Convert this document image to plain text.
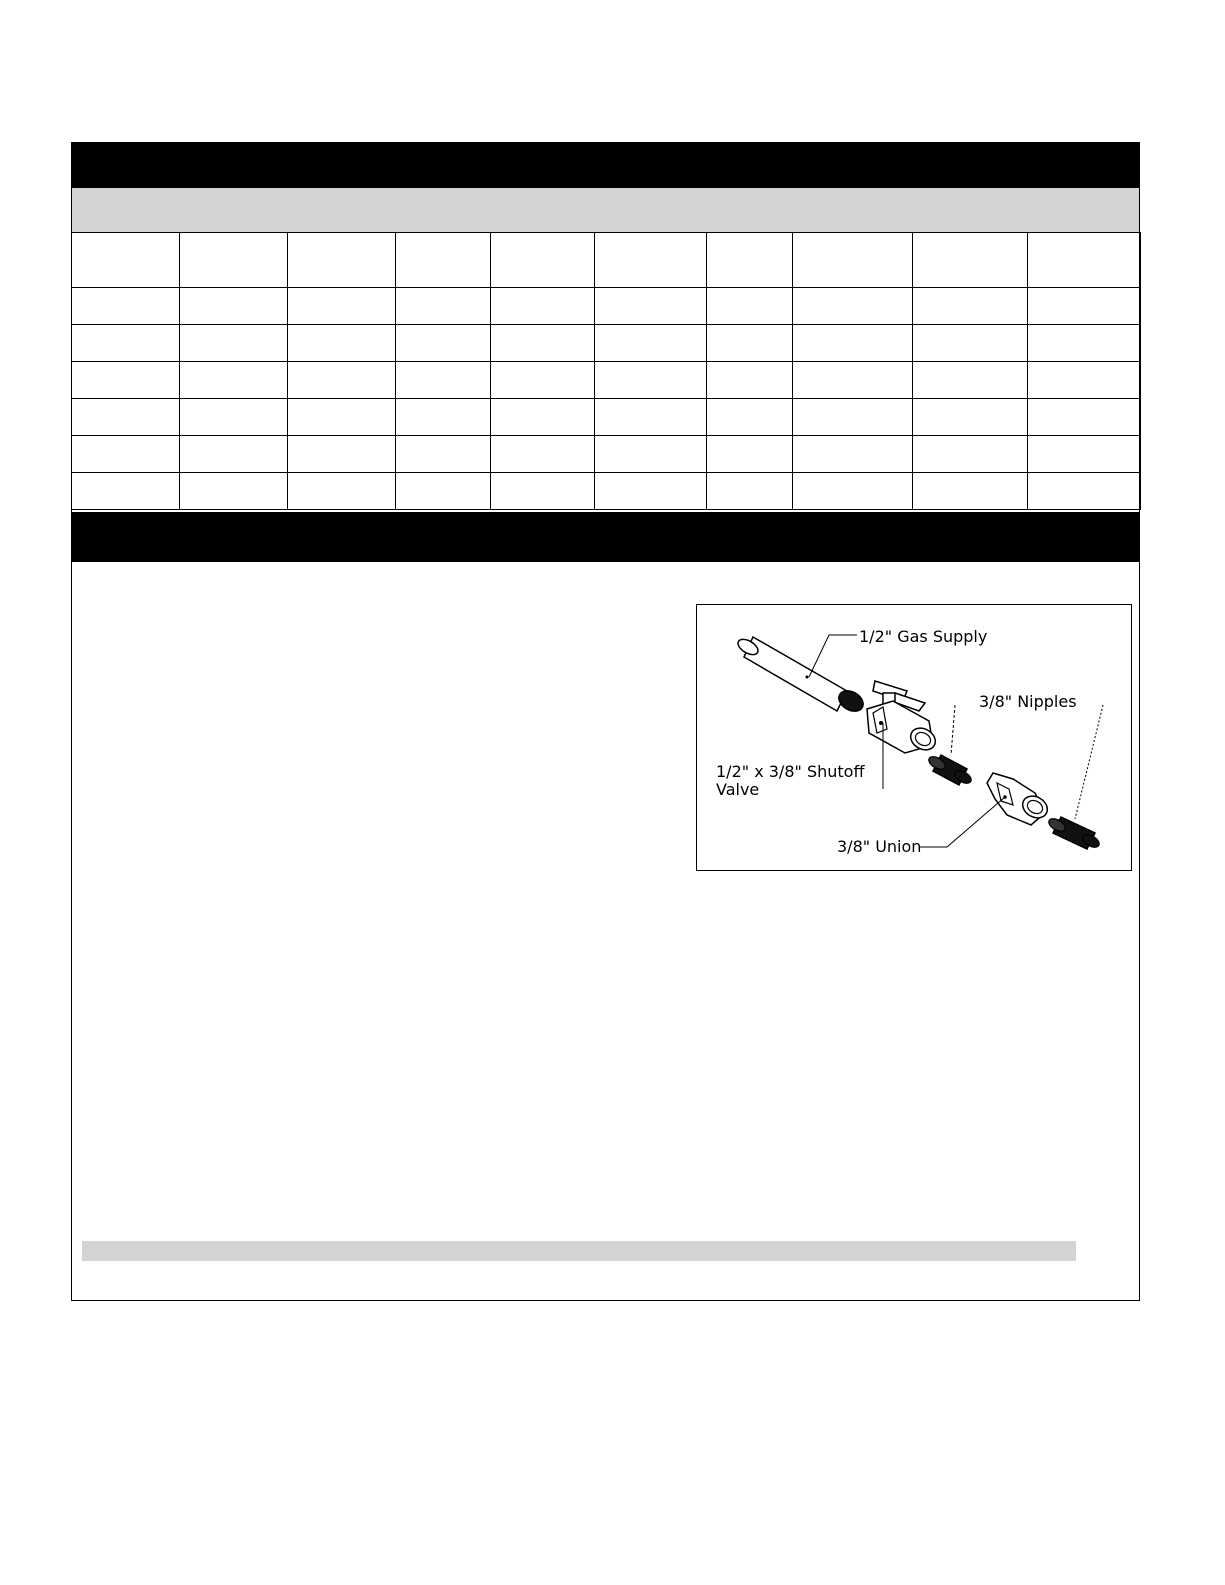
1/2" Gas Supply
3/8" Nipples
1/2" x 3/8" Shutoff
Valve
3/8" Union
